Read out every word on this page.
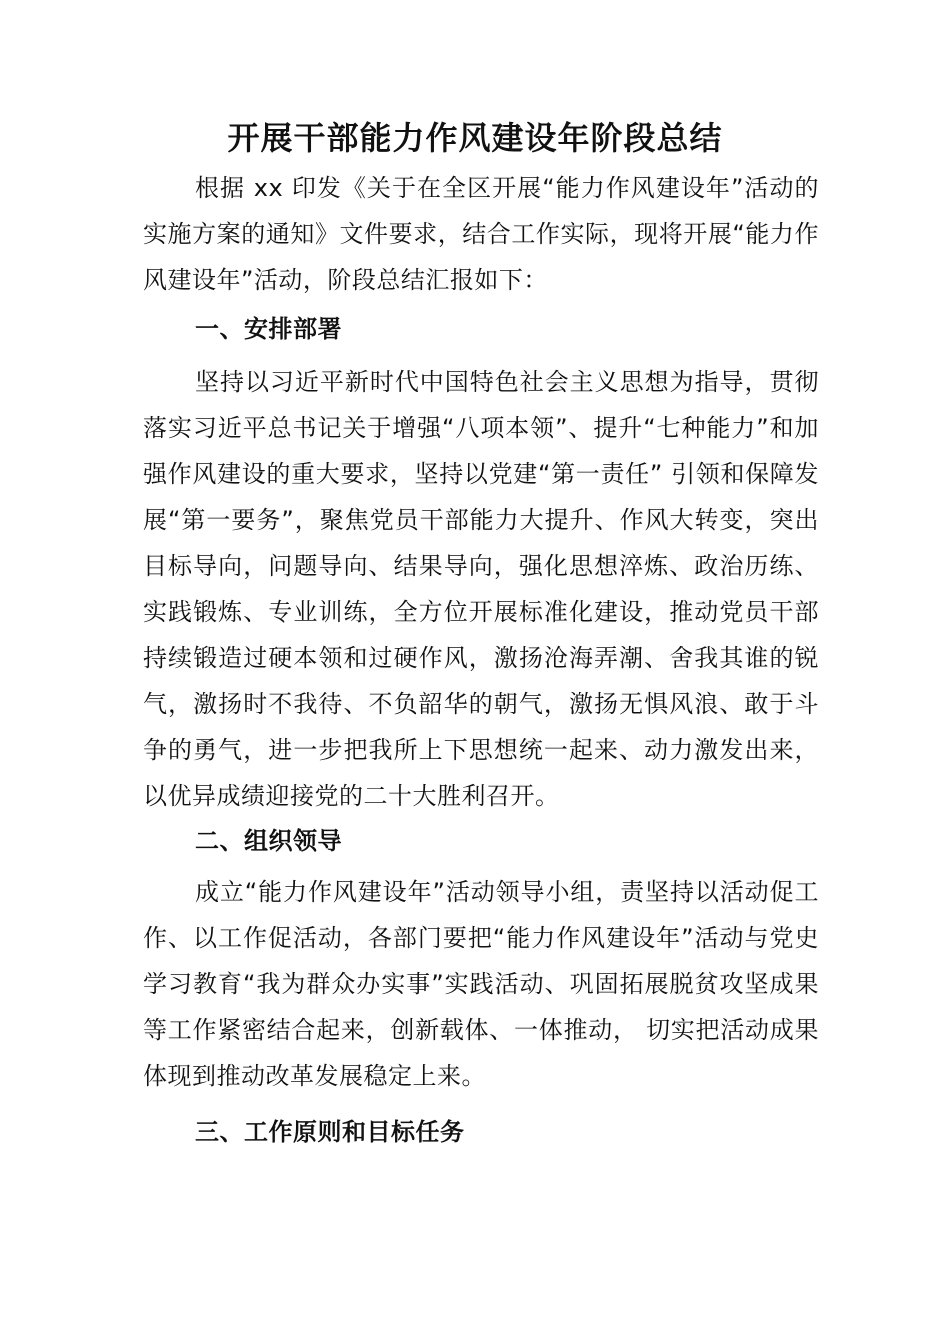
开展干部能力作风建设年阶段总结

根据 xx 印发《关于在全区开展“能力作风建设年”活动的实施方案的通知》文件要求，结合工作实际，现将开展“能力作风建设年”活动，阶段总结汇报如下：

一、安排部署

坚持以习近平新时代中国特色社会主义思想为指导，贯彻落实习近平总书记关于增强“八项本领”、提升“七种能力”和加强作风建设的重大要求，坚持以党建“第一责任” 引领和保障发展“第一要务”，聚焦党员干部能力大提升、作风大转变，突出目标导向，问题导向、结果导向，强化思想淬炼、政治历练、实践锻炼、专业训练，全方位开展标准化建设，推动党员干部持续锻造过硬本领和过硬作风，激扬沧海弄潮、舍我其谁的锐气，激扬时不我待、不负韶华的朝气，激扬无惧风浪、敢于斗争的勇气，进一步把我所上下思想统一起来、动力激发出来，以优异成绩迎接党的二十大胜利召开。

二、组织领导

成立“能力作风建设年”活动领导小组，责坚持以活动促工作、以工作促活动，各部门要把“能力作风建设年”活动与党史学习教育“我为群众办实事”实践活动、巩固拓展脱贫攻坚成果等工作紧密结合起来，创新载体、一体推动， 切实把活动成果体现到推动改革发展稳定上来。

三、工作原则和目标任务
